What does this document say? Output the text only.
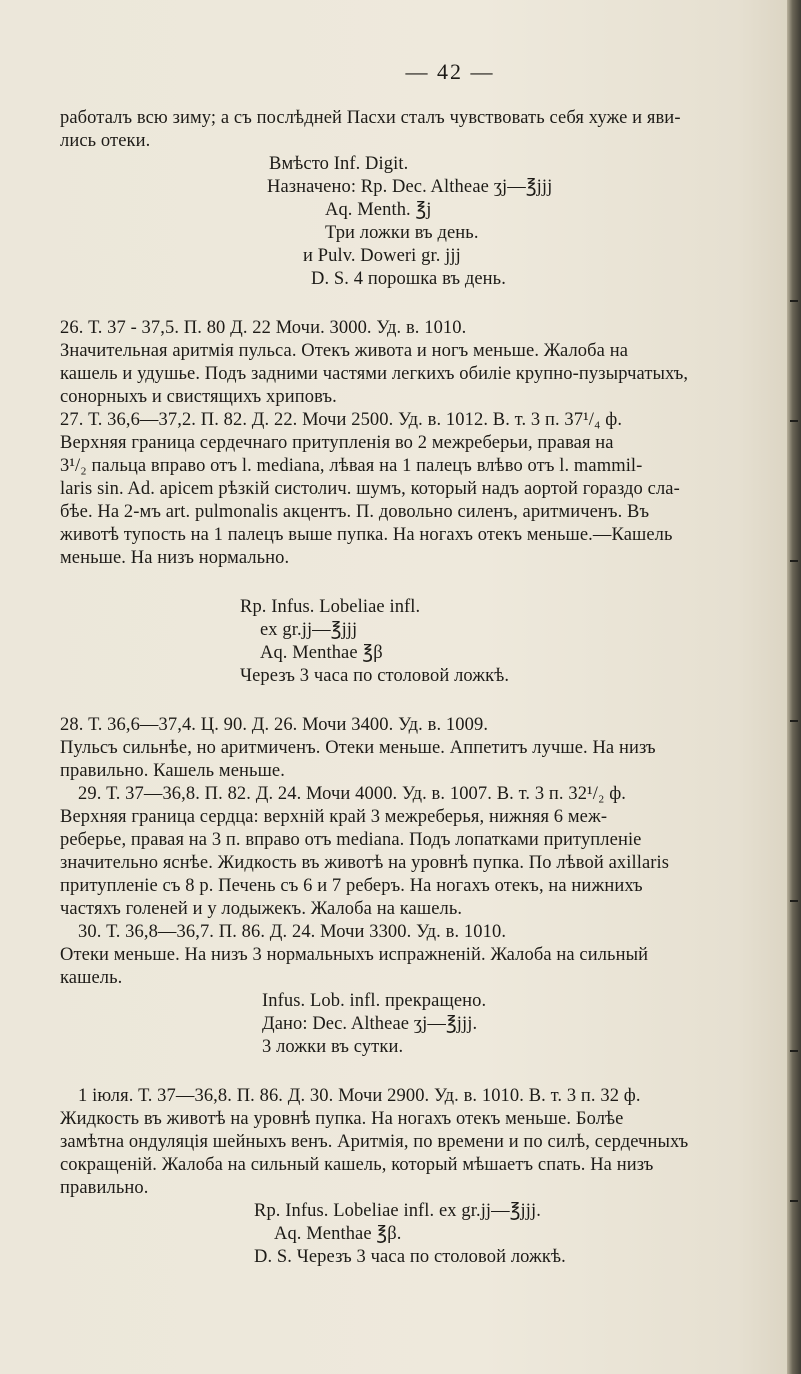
— 42 —

работалъ всю зиму; а съ послѣдней Пасхи сталъ чувствовать себя хуже и яви-
лись отеки.

Вмѣсто Inf. Digit.
Назначено: Rp. Dec. Althеае ʒj—℥jjj
Aq. Menth. ℥j
Три ложки въ день.
и Pulv. Dowerі gr. jjj
D. S. 4 порошка въ день.
26. Т. 37 - 37,5. П. 80 Д. 22 Мочи. 3000. Уд. в. 1010.
Значительная аритмія пульса. Отекъ живота и ногъ меньше. Жалоба на
кашель и удушье. Подъ задними частями легкихъ обиліе крупно-пузырчатыхъ,
сонорныхъ и свистящихъ хриповъ.
27. Т. 36,6—37,2. П. 82. Д. 22. Мочи 2500. Уд. в. 1012. В. т. 3 п. 37¹/₄ ф.
Верхняя граница сердечнаго притупленія во 2 межреберьи, правая на
3¹/₂ пальца вправо отъ l. mediana, лѣвая на 1 палецъ влѣво отъ l. mammil-
laris sin. Ad. apicem рѣзкій систолич. шумъ, который надъ аортой гораздо сла-
бѣе. На 2-мъ art. pulmonalis акцентъ. П. довольно силенъ, аритмиченъ. Въ
животѣ тупость на 1 палецъ выше пупка. На ногахъ отекъ меньше.—Кашель
меньше. На низъ нормально.
Rp. Infus. Lobeliae infl.
ex gr.jj—℥jjj
Aq. Menthae ℥β
Черезъ 3 часа по столовой ложкѣ.
28. Т. 36,6—37,4. Ц. 90. Д. 26. Мочи 3400. Уд. в. 1009.
Пульсъ сильнѣе, но аритмиченъ. Отеки меньше. Аппетитъ лучше. На низъ
правильно. Кашель меньше.
29. Т. 37—36,8. П. 82. Д. 24. Мочи 4000. Уд. в. 1007. В. т. 3 п. 32¹/₂ ф.
Верхняя граница сердца: верхній край 3 межреберья, нижняя 6 меж-
реберье, правая на 3 п. вправо отъ mediana. Подъ лопатками притупленіе
значительно яснѣе. Жидкость въ животѣ на уровнѣ пупка. По лѣвой axillaris
притупленіе съ 8 р. Печень съ 6 и 7 реберъ. На ногахъ отекъ, на нижнихъ
частяхъ голеней и у лодыжекъ. Жалоба на кашель.
30. Т. 36,8—36,7. П. 86. Д. 24. Мочи 3300. Уд. в. 1010.
Отеки меньше. На низъ 3 нормальныхъ испражненій. Жалоба на сильный
кашель.
Infus. Lob. infl. прекращено.
Дано: Dec. Altheae ʒj—℥jjj.
3 ложки въ сутки.
1 іюля. Т. 37—36,8. П. 86. Д. 30. Мочи 2900. Уд. в. 1010. В. т. 3 п. 32 ф.
Жидкость въ животѣ на уровнѣ пупка. На ногахъ отекъ меньше. Болѣе
замѣтна ондуляція шейныхъ венъ. Аритмія, по времени и по силѣ, сердечныхъ
сокращеній. Жалоба на сильный кашель, который мѣшаетъ спать. На низъ
правильно.
Rp. Infus. Lobeliae infl. ex gr.jj—℥jjj.
Aq. Menthae ℥β.
D. S. Черезъ 3 часа по столовой ложкѣ.
